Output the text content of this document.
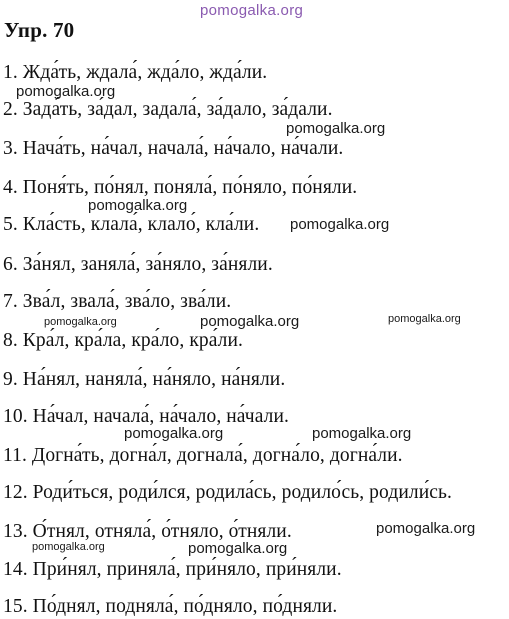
pomogalka.org
Упр. 70
1. Жда́ть, ждала́, жда́ло, жда́ли.
pomogalka.org
2. Зада́ть, за́дал, задала́, за́дало, за́дали.
pomogalka.org
3. Нача́ть, на́чал, начала́, на́чало, на́чали.
4. Поня́ть, по́нял, поняла́, по́няло, по́няли.
pomogalka.org
5. Кла́сть, клала́, клало́, кла́ли. pomogalka.org
6. За́нял, заняла́, за́няло, за́няли.
7. Зва́л, звала́, зва́ло, зва́ли.
pomogalka.org	pomogalka.org	pomogalka.org
8. Кра́л, кра́ла, кра́ло, кра́ли.
9. На́нял, наняла́, на́няло, на́няли.
10. На́чал, начала́, на́чало, на́чали.
pomogalka.org	pomogalka.org
11. Догна́ть, догна́л, догнала́, догна́ло, догна́ли.
12. Роди́ться, роди́лся, родила́сь, родило́сь, родили́сь.
13. О́тнял, отняла́, о́тняло, о́тняли.	pomogalka.org
pomogalka.org	pomogalka.org
14. При́нял, приняла́, при́няло, при́няли.
15. По́днял, подняла́, по́дняло, по́дняли.
